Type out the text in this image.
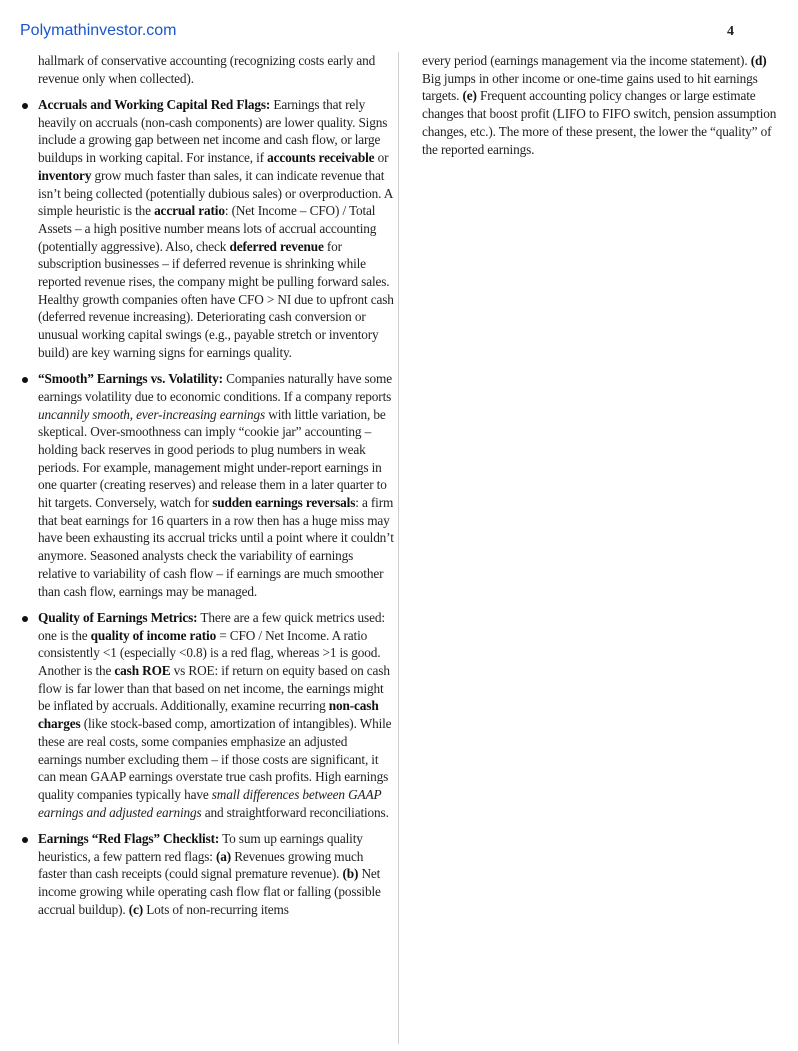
Polymathinvestor.com	4

hallmark of conservative accounting (recognizing costs early and revenue only when collected).

Accruals and Working Capital Red Flags: Earnings that rely heavily on accruals (non-cash components) are lower quality. Signs include a growing gap between net income and cash flow, or large buildups in working capital. For instance, if accounts receivable or inventory grow much faster than sales, it can indicate revenue that isn’t being collected (potentially dubious sales) or overproduction. A simple heuristic is the accrual ratio: (Net Income – CFO) / Total Assets – a high positive number means lots of accrual accounting (potentially aggressive). Also, check deferred revenue for subscription businesses – if deferred revenue is shrinking while reported revenue rises, the company might be pulling forward sales. Healthy growth companies often have CFO > NI due to upfront cash (deferred revenue increasing). Deteriorating cash conversion or unusual working capital swings (e.g., payable stretch or inventory build) are key warning signs for earnings quality.
“Smooth” Earnings vs. Volatility: Companies naturally have some earnings volatility due to economic conditions. If a company reports uncannily smooth, ever-increasing earnings with little variation, be skeptical. Over-smoothness can imply “cookie jar” accounting – holding back reserves in good periods to plug numbers in weak periods. For example, management might under-report earnings in one quarter (creating reserves) and release them in a later quarter to hit targets. Conversely, watch for sudden earnings reversals: a firm that beat earnings for 16 quarters in a row then has a huge miss may have been exhausting its accrual tricks until a point where it couldn’t anymore. Seasoned analysts check the variability of earnings relative to variability of cash flow – if earnings are much smoother than cash flow, earnings may be managed.
Quality of Earnings Metrics: There are a few quick metrics used: one is the quality of income ratio = CFO / Net Income. A ratio consistently <1 (especially <0.8) is a red flag, whereas >1 is good. Another is the cash ROE vs ROE: if return on equity based on cash flow is far lower than that based on net income, the earnings might be inflated by accruals. Additionally, examine recurring non-cash charges (like stock-based comp, amortization of intangibles). While these are real costs, some companies emphasize an adjusted earnings number excluding them – if those costs are significant, it can mean GAAP earnings overstate true cash profits. High earnings quality companies typically have small differences between GAAP earnings and adjusted earnings and straightforward reconciliations.
Earnings “Red Flags” Checklist: To sum up earnings quality heuristics, a few pattern red flags: (a) Revenues growing much faster than cash receipts (could signal premature revenue). (b) Net income growing while operating cash flow flat or falling (possible accrual buildup). (c) Lots of non-recurring items

every period (earnings management via the income statement). (d) Big jumps in other income or one-time gains used to hit earnings targets. (e) Frequent accounting policy changes or large estimate changes that boost profit (LIFO to FIFO switch, pension assumption changes, etc.). The more of these present, the lower the “quality” of the reported earnings.
